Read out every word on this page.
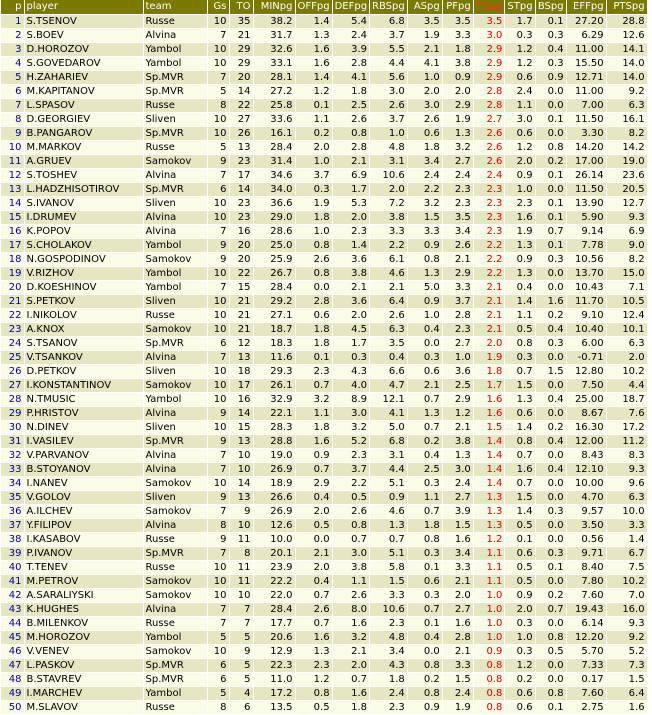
p	player	team	Gs	TO	MINpg	OFFpg	DEFpg	RBSpg	ASpg	PFpg	TOpg	STpg	BSpg	EFFpg	PTSpg
1	S.TSENOV	Russe	10	35	38.2	1.4	5.4	6.8	3.5	3.5	3.5	1.7	0.1	27.20	28.8
2	S.BOEV	Alvina	7	21	31.7	1.3	2.4	3.7	1.9	3.3	3.0	0.3	0.3	6.29	12.6
3	D.HOROZOV	Yambol	10	29	32.6	1.6	3.9	5.5	2.1	1.8	2.9	1.2	0.4	11.00	14.1
4	S.GOVEDAROV	Yambol	10	29	33.1	1.6	2.8	4.4	4.1	3.8	2.9	1.2	0.3	15.50	14.0
5	H.ZAHARIEV	Sp.MVR	7	20	28.1	1.4	4.1	5.6	1.0	0.9	2.9	0.6	0.9	12.71	14.0
6	M.KAPITANOV	Sp.MVR	5	14	27.2	1.2	1.8	3.0	2.0	2.0	2.8	2.4	0.0	11.00	9.2
7	L.SPASOV	Russe	8	22	25.8	0.1	2.5	2.6	3.0	2.9	2.8	1.1	0.0	7.00	6.3
8	D.GEORGIEV	Sliven	10	27	33.6	1.1	2.6	3.7	2.6	1.9	2.7	3.0	0.1	11.50	16.1
9	B.PANGAROV	Sp.MVR	10	26	16.1	0.2	0.8	1.0	0.6	1.3	2.6	0.6	0.0	3.30	8.2
10	M.MARKOV	Russe	5	13	28.4	2.0	2.8	4.8	1.8	3.2	2.6	1.2	0.8	14.20	14.2
11	A.GRUEV	Samokov	9	23	31.4	1.0	2.1	3.1	3.4	2.7	2.6	2.0	0.2	17.00	19.0
12	S.TOSHEV	Alvina	7	17	34.6	3.7	6.9	10.6	2.4	2.4	2.4	0.9	0.1	26.14	23.6
13	L.HADZHISOTIROV	Sp.MVR	6	14	34.0	0.3	1.7	2.0	2.2	2.3	2.3	1.0	0.0	11.50	20.5
14	S.IVANOV	Sliven	10	23	36.6	1.9	5.3	7.2	3.2	2.3	2.3	2.3	0.1	13.90	12.7
15	I.DRUMEV	Alvina	10	23	29.0	1.8	2.0	3.8	1.5	3.5	2.3	1.6	0.1	5.90	9.3
16	K.POPOV	Alvina	7	16	28.6	1.0	2.3	3.3	3.3	3.4	2.3	1.9	0.7	9.14	6.9
17	S.CHOLAKOV	Yambol	9	20	25.0	0.8	1.4	2.2	0.9	2.6	2.2	1.3	0.1	7.78	9.0
18	N.GOSPODINOV	Samokov	9	20	25.9	2.6	3.6	6.1	0.8	2.1	2.2	0.9	0.3	10.56	8.2
19	V.RIZHOV	Yambol	10	22	26.7	0.8	3.8	4.6	1.3	2.9	2.2	1.3	0.0	13.70	15.0
20	D.KOESHINOV	Yambol	7	15	28.4	0.0	2.1	2.1	5.0	3.3	2.1	0.4	0.0	10.43	7.1
21	S.PETKOV	Sliven	10	21	29.2	2.8	3.6	6.4	0.9	3.7	2.1	1.4	1.6	11.70	10.5
22	I.NIKOLOV	Russe	10	21	27.1	0.6	2.0	2.6	1.0	2.8	2.1	1.1	0.2	9.10	12.4
23	A.KNOX	Samokov	10	21	18.7	1.8	4.5	6.3	0.4	2.3	2.1	0.5	0.4	10.40	10.1
24	S.TSANOV	Sp.MVR	6	12	18.3	1.8	1.7	3.5	0.0	2.7	2.0	0.8	0.3	6.00	6.3
25	V.TSANKOV	Alvina	7	13	11.6	0.1	0.3	0.4	0.3	1.0	1.9	0.3	0.0	-0.71	2.0
26	D.PETKOV	Sliven	10	18	29.3	2.3	4.3	6.6	0.6	3.6	1.8	0.7	1.5	12.80	10.2
27	I.KONSTANTINOV	Samokov	10	17	26.1	0.7	4.0	4.7	2.1	2.5	1.7	1.5	0.0	7.50	4.4
28	N.TMUSIC	Yambol	10	16	32.9	3.2	8.9	12.1	0.7	2.9	1.6	1.3	0.4	25.00	18.7
29	P.HRISTOV	Alvina	9	14	22.1	1.1	3.0	4.1	1.3	1.2	1.6	0.6	0.0	8.67	7.6
30	N.DINEV	Sliven	10	15	28.3	1.8	3.2	5.0	0.7	2.1	1.5	1.4	0.2	16.30	17.2
31	I.VASILEV	Sp.MVR	9	13	28.8	1.6	5.2	6.8	0.2	3.8	1.4	0.8	0.4	12.00	11.2
32	V.PARVANOV	Alvina	7	10	19.0	0.9	2.3	3.1	0.4	1.3	1.4	0.7	0.0	8.43	8.3
33	B.STOYANOV	Alvina	7	10	26.9	0.7	3.7	4.4	2.5	3.0	1.4	1.6	0.4	12.10	9.3
34	I.NANEV	Samokov	10	14	18.9	2.9	2.2	5.1	0.3	2.4	1.4	0.7	0.0	10.00	9.6
35	V.GOLOV	Sliven	9	13	26.6	0.4	0.5	0.9	1.1	2.7	1.3	1.5	0.0	4.70	6.3
36	A.ILCHEV	Samokov	7	9	26.9	2.0	2.6	4.6	0.7	3.9	1.3	1.4	0.3	9.57	10.0
37	Y.FILIPOV	Alvina	8	10	12.6	0.5	0.8	1.3	1.8	1.5	1.3	0.5	0.0	3.50	3.3
38	I.KASABOV	Russe	9	11	10.0	0.0	0.7	0.7	0.8	1.6	1.2	0.1	0.0	0.56	1.4
39	P.IVANOV	Sp.MVR	7	8	20.1	2.1	3.0	5.1	0.3	3.4	1.1	0.6	0.3	9.71	6.7
40	T.TENEV	Russe	10	11	23.9	2.0	3.8	5.8	0.1	3.3	1.1	0.5	0.1	8.40	7.5
41	M.PETROV	Samokov	10	11	22.2	0.4	1.1	1.5	0.6	2.1	1.1	0.5	0.0	7.80	10.2
42	A.SARALIYSKI	Samokov	10	10	22.0	0.7	2.6	3.3	0.3	2.0	1.0	0.9	0.2	7.60	7.0
43	K.HUGHES	Alvina	7	7	28.4	2.6	8.0	10.6	0.7	2.7	1.0	2.0	0.7	19.43	16.0
44	B.MILENKOV	Russe	7	7	17.7	0.7	1.6	2.3	0.1	1.6	1.0	0.3	0.0	6.14	9.3
45	M.HOROZOV	Yambol	5	5	20.6	1.6	3.2	4.8	0.4	2.8	1.0	1.0	0.8	12.20	9.2
46	V.VENEV	Samokov	10	9	12.9	1.3	2.1	3.4	0.0	2.1	0.9	0.3	0.5	5.70	5.2
47	L.PASKOV	Sp.MVR	6	5	22.3	2.3	2.0	4.3	0.8	3.3	0.8	1.2	0.0	7.33	7.3
48	B.STAVREV	Sp.MVR	6	5	11.0	1.2	0.7	1.8	0.2	1.5	0.8	0.2	0.0	0.17	1.5
49	I.MARCHEV	Yambol	5	4	17.2	0.8	1.6	2.4	0.8	2.4	0.8	0.6	0.8	7.60	6.4
50	M.SLAVOV	Russe	8	6	13.5	0.5	1.8	2.3	0.9	1.9	0.8	0.6	0.1	2.75	1.6
